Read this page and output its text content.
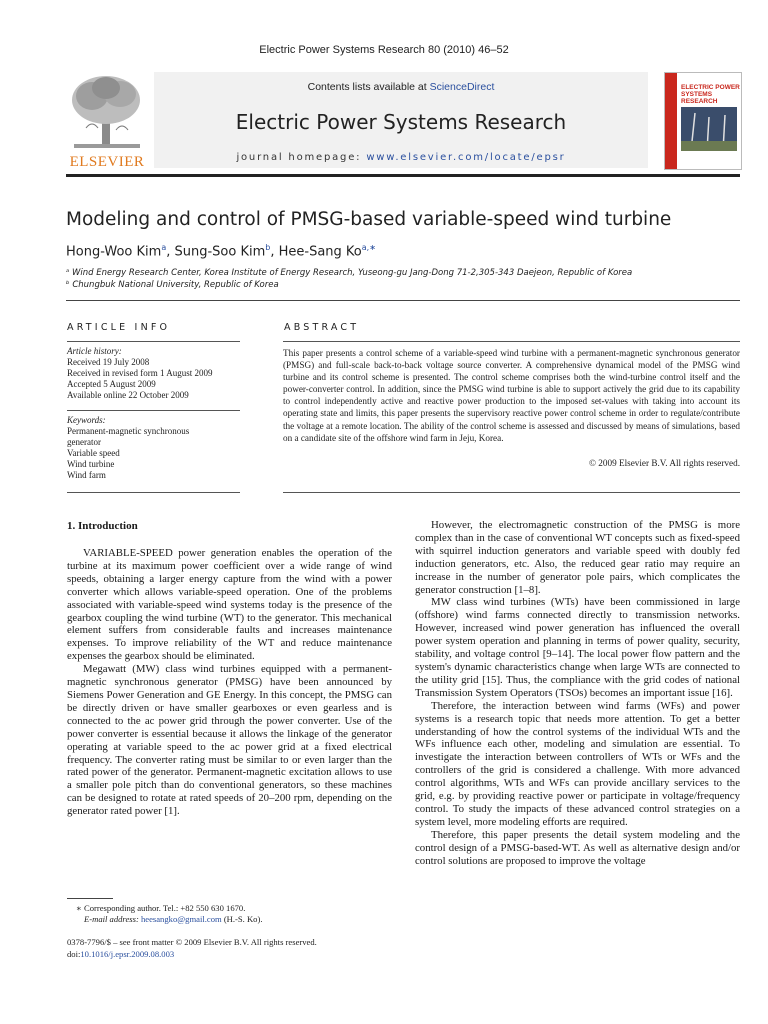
Electric Power Systems Research 80 (2010) 46–52
ELSEVIER
Contents lists available at ScienceDirect
Electric Power Systems Research
journal homepage: www.elsevier.com/locate/epsr
ELECTRIC POWER
SYSTEMS RESEARCH
Modeling and control of PMSG-based variable-speed wind turbine
Hong-Woo Kim$^a$, Sung-Soo Kim$^b$, Hee-Sang $Ko^{a,∗}$
ᵃ Wind Energy Research Center, Korea Institute of Energy Research, Yuseong-gu Jang-Dong 71-2,305-343 Daejeon, Republic of Korea
ᵇ Chungbuk National University, Republic of Korea
ARTICLE INFO	ABSTRACT
Article history:
Received 19 July 2008
Received in revised form 1 August 2009
Accepted 5 August 2009
Available online 22 October 2009
Keywords:
Permanent-magnetic synchronous
generator
Variable speed
Wind turbine
Wind farm
This paper presents a control scheme of a variable-speed wind turbine with a permanent-magnetic synchronous generator (PMSG) and full-scale back-to-back voltage source converter. A comprehensive dynamical model of the PMSG wind turbine and its control scheme is presented. The control scheme comprises both the wind-turbine control itself and the power-converter control. In addition, since the PMSG wind turbine is able to support actively the grid due to its capability to control independently active and reactive power production to the imposed set-values with taking into account its operating state and limits, this paper presents the supervisory reactive power control scheme in order to regulate/contribute the voltage at a remote location. The ability of the control scheme is assessed and discussed by means of simulations, based on a candidate site of the offshore wind farm in Jeju, Korea.
© 2009 Elsevier B.V. All rights reserved.
1. Introduction

VARIABLE-SPEED power generation enables the operation of the turbine at its maximum power coefficient over a wide range of wind speeds, obtaining a larger energy capture from the wind with a power converter which allows variable-speed operation. One of the problems associated with variable-speed wind systems today is the presence of the gearbox coupling the wind turbine (WT) to the generator. This mechanical element suffers from considerable faults and increases maintenance expenses. To improve reliability of the WT and reduce maintenance expenses the gearbox should be eliminated.

Megawatt (MW) class wind turbines equipped with a permanent-magnetic synchronous generator (PMSG) have been announced by Siemens Power Generation and GE Energy. In this concept, the PMSG can be directly driven or have smaller gearboxes or even gearless and is connected to the ac power grid through the power converter. Use of the power converter is essential because it allows the linkage of the generator operating at variable speed to the ac power grid at a fixed electrical frequency. The converter rating must be similar to or even larger than the rated power of the generator. Permanent-magnetic excitation allows to use a smaller pole pitch than do conventional generators, so these machines can be designed to rotate at rated speeds of 20–200 rpm, depending on the generator rated power [1].

However, the electromagnetic construction of the PMSG is more complex than in the case of conventional WT concepts such as fixed-speed with squirrel induction generators and variable speed with doubly fed induction generators, etc. Also, the reduced gear ratio may require an increase in the number of generator pole pairs, which complicates the generator construction [1–8].

MW class wind turbines (WTs) have been commissioned in large (offshore) wind farms connected directly to transmission networks. However, increased wind power generation has influenced the overall power system operation and planning in terms of power quality, security, stability, and voltage control [9–14]. The local power flow pattern and the system's dynamic characteristics change when large WTs are connected to the utility grid [15]. Thus, the compliance with the grid codes of national Transmission System Operators (TSOs) becomes an important issue [16].

Therefore, the interaction between wind farms (WFs) and power systems is a research topic that needs more attention. To get a better understanding of how the control systems of the individual WTs and the WFs influence each other, modeling and simulation are essential. To investigate the interaction between controllers of WTs or WFs and the controllers of the grid is considered a challenge. With more advanced control algorithms, WTs and WFs can provide ancillary services to the grid, e.g. by providing reactive power or participate in voltage/frequency control. To study the impacts of these advanced control strategies on a system level, more modeling efforts are required.

Therefore, this paper presents the detail system modeling and the control design of a PMSG-based-WT. As well as alternative design and/or control solutions are proposed to improve the voltage

∗ Corresponding author. Tel.: +82 550 630 1670.
E-mail address: heesangko@gmail.com (H.-S. Ko).
0378-7796/$ – see front matter © 2009 Elsevier B.V. All rights reserved.
doi:10.1016/j.epsr.2009.08.003
